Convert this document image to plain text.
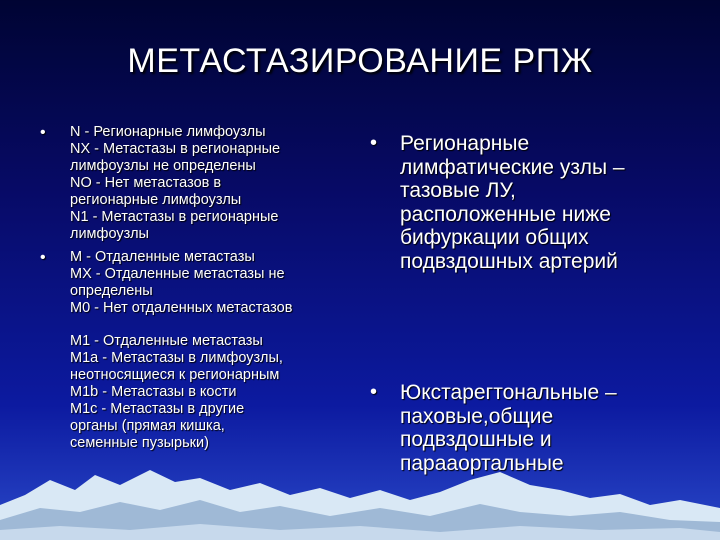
МЕТАСТАЗИРОВАНИЕ РПЖ
• N - Регионарные лимфоузлы
NX - Метастазы в регионарные
лимфоузлы не определены
NO - Нет метастазов в
регионарные лимфоузлы
N1 - Метастазы в регионарные
лимфоузлы
• M - Отдаленные метастазы
MX - Отдаленные метастазы не
определены
M0 - Нет отдаленных метастазов
M1 - Отдаленные метастазы
M1a - Метастазы в лимфоузлы,
неотносящиеся к регионарным
M1b - Метастазы в кости
M1c - Метастазы в другие
органы (прямая кишка,
семенные пузырьки)
• Регионарные
лимфатические узлы –
тазовые ЛУ,
расположенные ниже
бифуркации общих
подвздошных артерий
• Юкстарегтональные –
паховые,общие
подвздошные и
парааортальные
